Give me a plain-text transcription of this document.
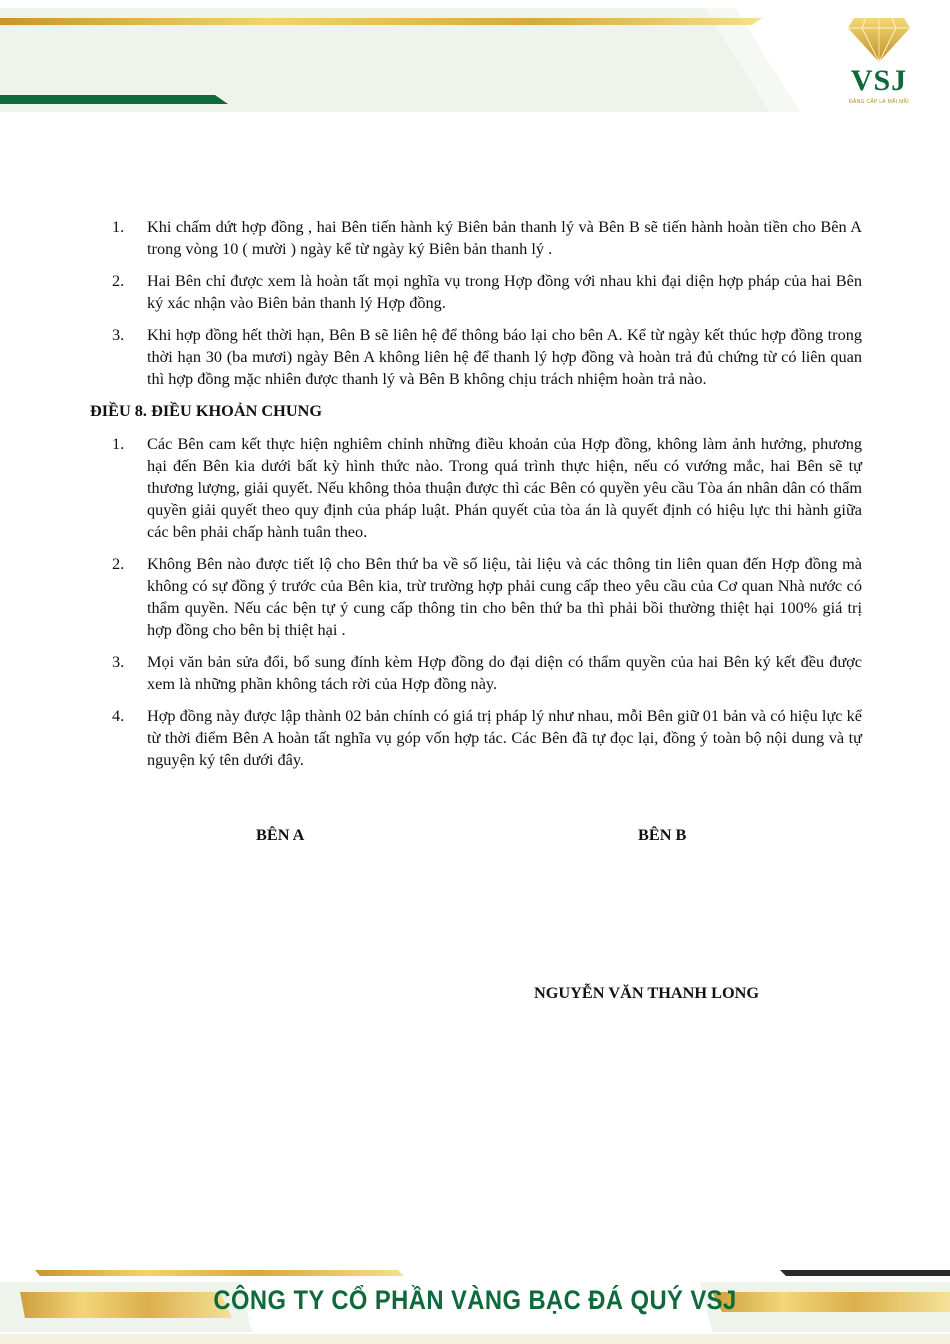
VSJ
ĐẲNG CẤP LÀ MÃI MÃI
1. Khi chấm dứt hợp đồng , hai Bên tiến hành ký Biên bản thanh lý và Bên B sẽ tiến hành hoàn tiền cho Bên A trong vòng 10 ( mười ) ngày kể từ ngày ký Biên bản thanh lý .
2. Hai Bên chỉ được xem là hoàn tất mọi nghĩa vụ trong Hợp đồng với nhau khi đại diện hợp pháp của hai Bên ký xác nhận vào Biên bản thanh lý Hợp đồng.
3. Khi hợp đồng hết thời hạn, Bên B sẽ liên hệ để thông báo lại cho bên A. Kể từ ngày kết thúc hợp đồng trong thời hạn 30 (ba mươi) ngày Bên A không liên hệ để thanh lý hợp đồng và hoàn trả đủ chứng từ có liên quan thì hợp đồng mặc nhiên được thanh lý và Bên B không chịu trách nhiệm hoàn trả nào.
ĐIỀU 8. ĐIỀU KHOẢN CHUNG
1. Các Bên cam kết thực hiện nghiêm chỉnh những điều khoản của Hợp đồng, không làm ảnh hưởng, phương hại đến Bên kia dưới bất kỳ hình thức nào. Trong quá trình thực hiện, nếu có vướng mắc, hai Bên sẽ tự thương lượng, giải quyết. Nếu không thỏa thuận được thì các Bên có quyền yêu cầu Tòa án nhân dân có thẩm quyền giải quyết theo quy định của pháp luật. Phán quyết của tòa án là quyết định có hiệu lực thi hành giữa các bên phải chấp hành tuân theo.
2. Không Bên nào được tiết lộ cho Bên thứ ba về số liệu, tài liệu và các thông tin liên quan đến Hợp đồng mà không có sự đồng ý trước của Bên kia, trừ trường hợp phải cung cấp theo yêu cầu của Cơ quan Nhà nước có thẩm quyền. Nếu các bện tự ý cung cấp thông tin cho bên thứ ba thì phải bồi thường thiệt hại 100% giá trị hợp đồng cho bên bị thiệt hại .
3. Mọi văn bản sửa đổi, bổ sung đính kèm Hợp đồng do đại diện có thẩm quyền của hai Bên ký kết đều được xem là những phần không tách rời của Hợp đồng này.
4. Hợp đồng này được lập thành 02 bản chính có giá trị pháp lý như nhau, mỗi Bên giữ 01 bản và có hiệu lực kể từ thời điểm Bên A hoàn tất nghĩa vụ góp vốn hợp tác. Các Bên đã tự đọc lại, đồng ý toàn bộ nội dung và tự nguyện ký tên dưới đây.
BÊN A	BÊN B
NGUYỄN VĂN THANH LONG
CÔNG TY CỔ PHẦN VÀNG BẠC ĐÁ QUÝ VSJ
